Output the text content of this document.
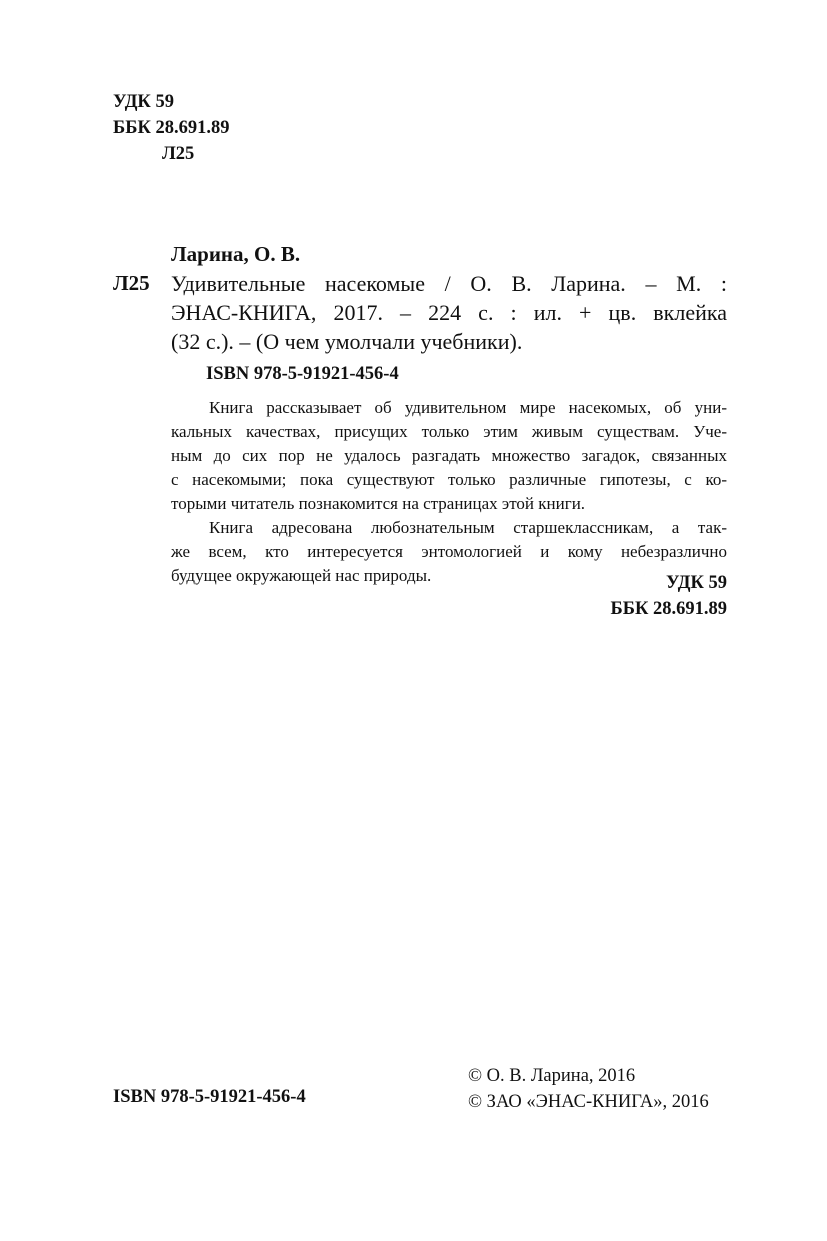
УДК 59
ББК 28.691.89
Л25
Ларина, О. В.
Л25 Удивительные насекомые / О. В. Ларина. – М. :
ЭНАС-КНИГА, 2017. – 224 с. : ил. + цв. вклейка
(32 с.). – (О чем умолчали учебники).
ISBN 978-5-91921-456-4
Книга рассказывает об удивительном мире насекомых, об уни-
кальных качествах, присущих только этим живым существам. Уче-
ным до сих пор не удалось разгадать множество загадок, связанных
с насекомыми; пока существуют только различные гипотезы, с ко-
торыми читатель познакомится на страницах этой книги.
Книга адресована любознательным старшеклассникам, а так-
же всем, кто интересуется энтомологией и кому небезразлично
будущее окружающей нас природы.	УДК 59
ББК 28.691.89
© О. В. Ларина, 2016
© ЗАО «ЭНАС-КНИГА», 2016
ISBN 978-5-91921-456-4
